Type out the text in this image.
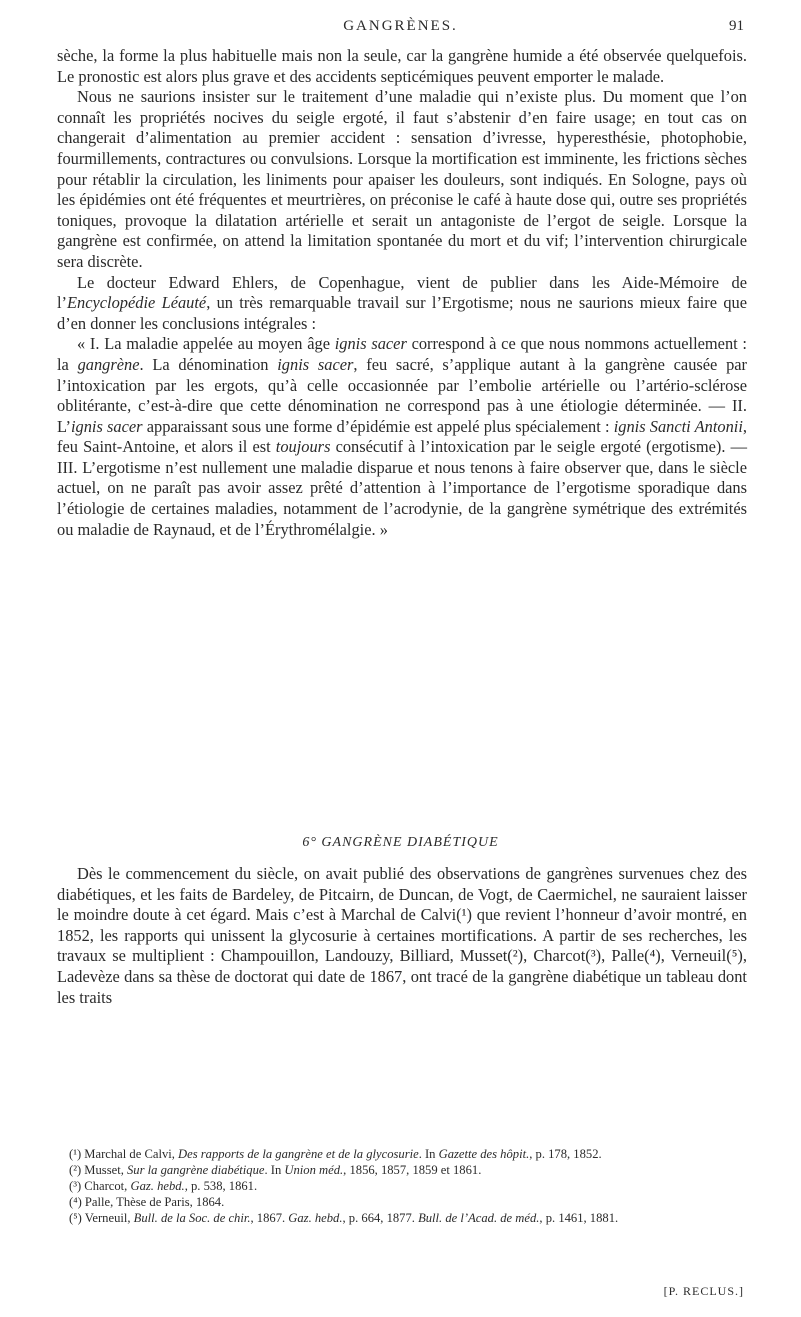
GANGRÈNES.	91

sèche, la forme la plus habituelle mais non la seule, car la gangrène humide a été observée quelquefois. Le pronostic est alors plus grave et des accidents septicémiques peuvent emporter le malade.

Nous ne saurions insister sur le traitement d’une maladie qui n’existe plus. Du moment que l’on connaît les propriétés nocives du seigle ergoté, il faut s’abstenir d’en faire usage; en tout cas on changerait d’alimentation au premier accident : sensation d’ivresse, hyperesthésie, photophobie, fourmillements, contractures ou convulsions. Lorsque la mortification est imminente, les frictions sèches pour rétablir la circulation, les liniments pour apaiser les douleurs, sont indiqués. En Sologne, pays où les épidémies ont été fréquentes et meurtrières, on préconise le café à haute dose qui, outre ses propriétés toniques, provoque la dilatation artérielle et serait un antagoniste de l’ergot de seigle. Lorsque la gangrène est confirmée, on attend la limitation spontanée du mort et du vif; l’intervention chirurgicale sera discrète.

Le docteur Edward Ehlers, de Copenhague, vient de publier dans les Aide-Mémoire de l’Encyclopédie Léauté, un très remarquable travail sur l’Ergotisme; nous ne saurions mieux faire que d’en donner les conclusions intégrales :

« I. La maladie appelée au moyen âge ignis sacer correspond à ce que nous nommons actuellement : la gangrène. La dénomination ignis sacer, feu sacré, s’applique autant à la gangrène causée par l’intoxication par les ergots, qu’à celle occasionnée par l’embolie artérielle ou l’artério-sclérose oblitérante, c’est-à-dire que cette dénomination ne correspond pas à une étiologie déterminée. — II. L’ignis sacer apparaissant sous une forme d’épidémie est appelé plus spécialement : ignis Sancti Antonii, feu Saint-Antoine, et alors il est toujours consécutif à l’intoxication par le seigle ergoté (ergotisme). — III. L’ergotisme n’est nullement une maladie disparue et nous tenons à faire observer que, dans le siècle actuel, on ne paraît pas avoir assez prêté d’attention à l’importance de l’ergotisme sporadique dans l’étiologie de certaines maladies, notamment de l’acrodynie, de la gangrène symétrique des extrémités ou maladie de Raynaud, et de l’Érythromélalgie. »

6° GANGRÈNE DIABÉTIQUE

Dès le commencement du siècle, on avait publié des observations de gangrènes survenues chez des diabétiques, et les faits de Bardeley, de Pitcairn, de Duncan, de Vogt, de Caermichel, ne sauraient laisser le moindre doute à cet égard. Mais c’est à Marchal de Calvi(¹) que revient l’honneur d’avoir montré, en 1852, les rapports qui unissent la glycosurie à certaines mortifications. A partir de ses recherches, les travaux se multiplient : Champouillon, Landouzy, Billiard, Musset(²), Charcot(³), Palle(⁴), Verneuil(⁵), Ladevèze dans sa thèse de doctorat qui date de 1867, ont tracé de la gangrène diabétique un tableau dont les traits

(¹) Marchal de Calvi, Des rapports de la gangrène et de la glycosurie. In Gazette des hôpit., p. 178, 1852.

(²) Musset, Sur la gangrène diabétique. In Union méd., 1856, 1857, 1859 et 1861.

(³) Charcot, Gaz. hebd., p. 538, 1861.

(⁴) Palle, Thèse de Paris, 1864.

(⁵) Verneuil, Bull. de la Soc. de chir., 1867. Gaz. hebd., p. 664, 1877. Bull. de l’Acad. de méd., p. 1461, 1881.

[P. RECLUS.]
